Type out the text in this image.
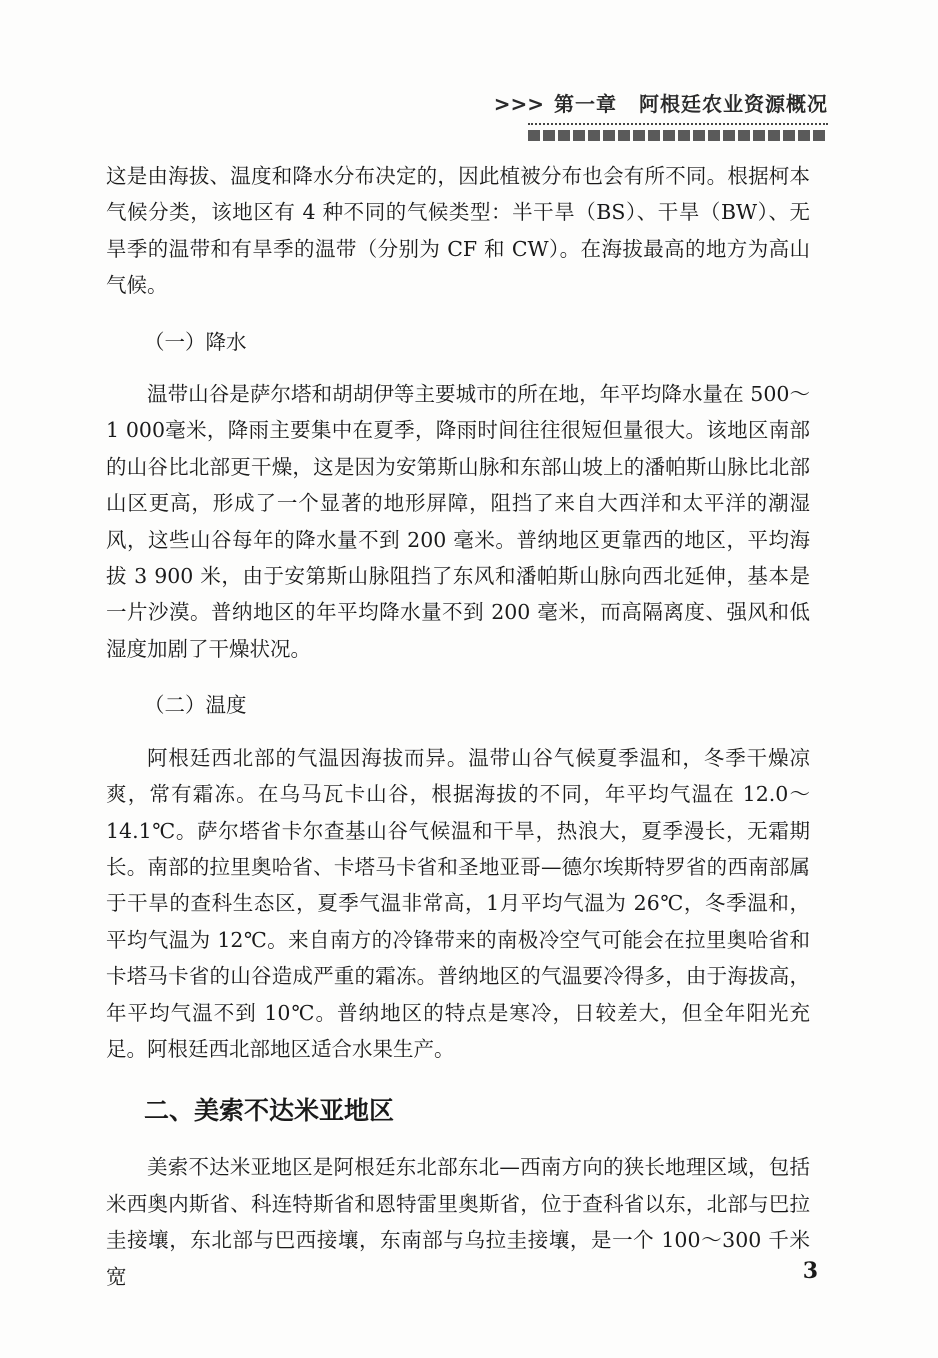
>>> 第一章 阿根廷农业资源概况

这是由海拔、温度和降水分布决定的，因此植被分布也会有所不同。根据柯本气候分类，该地区有 4 种不同的气候类型：半干旱（BS）、干旱（BW）、无旱季的温带和有旱季的温带（分别为 CF 和 CW）。在海拔最高的地方为高山气候。

（一）降水

温带山谷是萨尔塔和胡胡伊等主要城市的所在地，年平均降水量在 500～1 000毫米，降雨主要集中在夏季，降雨时间往往很短但量很大。该地区南部的山谷比北部更干燥，这是因为安第斯山脉和东部山坡上的潘帕斯山脉比北部山区更高，形成了一个显著的地形屏障，阻挡了来自大西洋和太平洋的潮湿风，这些山谷每年的降水量不到 200 毫米。普纳地区更靠西的地区，平均海拔 3 900 米，由于安第斯山脉阻挡了东风和潘帕斯山脉向西北延伸，基本是一片沙漠。普纳地区的年平均降水量不到 200 毫米，而高隔离度、强风和低湿度加剧了干燥状况。

（二）温度

阿根廷西北部的气温因海拔而异。温带山谷气候夏季温和，冬季干燥凉爽，常有霜冻。在乌马瓦卡山谷，根据海拔的不同，年平均气温在 12.0～14.1℃。萨尔塔省卡尔查基山谷气候温和干旱，热浪大，夏季漫长，无霜期长。南部的拉里奥哈省、卡塔马卡省和圣地亚哥—德尔埃斯特罗省的西南部属于干旱的查科生态区，夏季气温非常高，1月平均气温为 26℃，冬季温和，平均气温为 12℃。来自南方的冷锋带来的南极冷空气可能会在拉里奥哈省和卡塔马卡省的山谷造成严重的霜冻。普纳地区的气温要冷得多，由于海拔高，年平均气温不到 10℃。普纳地区的特点是寒冷，日较差大，但全年阳光充足。阿根廷西北部地区适合水果生产。

二、美索不达米亚地区

美索不达米亚地区是阿根廷东北部东北—西南方向的狭长地理区域，包括米西奥内斯省、科连特斯省和恩特雷里奥斯省，位于查科省以东，北部与巴拉圭接壤，东北部与巴西接壤，东南部与乌拉圭接壤，是一个 100～300 千米宽	3
